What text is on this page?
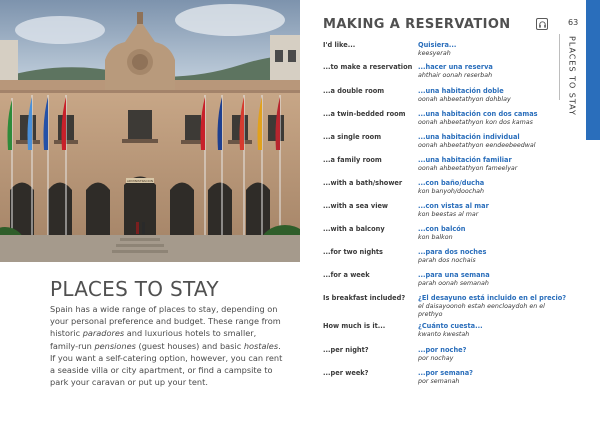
ADMINISTRACION
PLACES TO STAY

Spain has a wide range of places to stay, depending on your personal preference and budget. These range from historic paradores and luxurious hotels to smaller, family-run pensiones (guest houses) and basic hostales. If you want a self-catering option, however, you can rent a seaside villa or city apartment, or find a campsite to park your caravan or put up your tent.

MAKING A RESERVATION	63
PLACES TO STAY
I'd like...	Quisiera...
keesyerah
...to make a reservation ...hacer una reserva
ahthair oonah reserbah
...a double room	...una habitación doble
oonah ahbeetathyon dohblay
...a twin-bedded room	...una habitación con dos camas
oonah ahbeetathyon kon dos kamas
...a single room	...una habitación individual
oonah ahbeetathyon eendeebeedwal
...a family room	...una habitación familiar
oonah ahbeetathyon fameelyar
...with a bath/shower	...con baño/ducha
kon banyoh/doochah
...with a sea view	...con vistas al mar
kon beestas al mar
...with a balcony	...con balcón
kon balkon
...for two nights	...para dos noches
parah dos nochais
...for a week	...para una semana
parah oonah semanah
Is breakfast included?	¿El desayuno está incluido en el precio?
el daisayoonoh estah eencloaydoh en el prethyo
How much is it...	¿Cuánto cuesta...
kwanto kwestah
...per night?	...por noche?
por nochay
...per week?	...por semana?
por semanah
